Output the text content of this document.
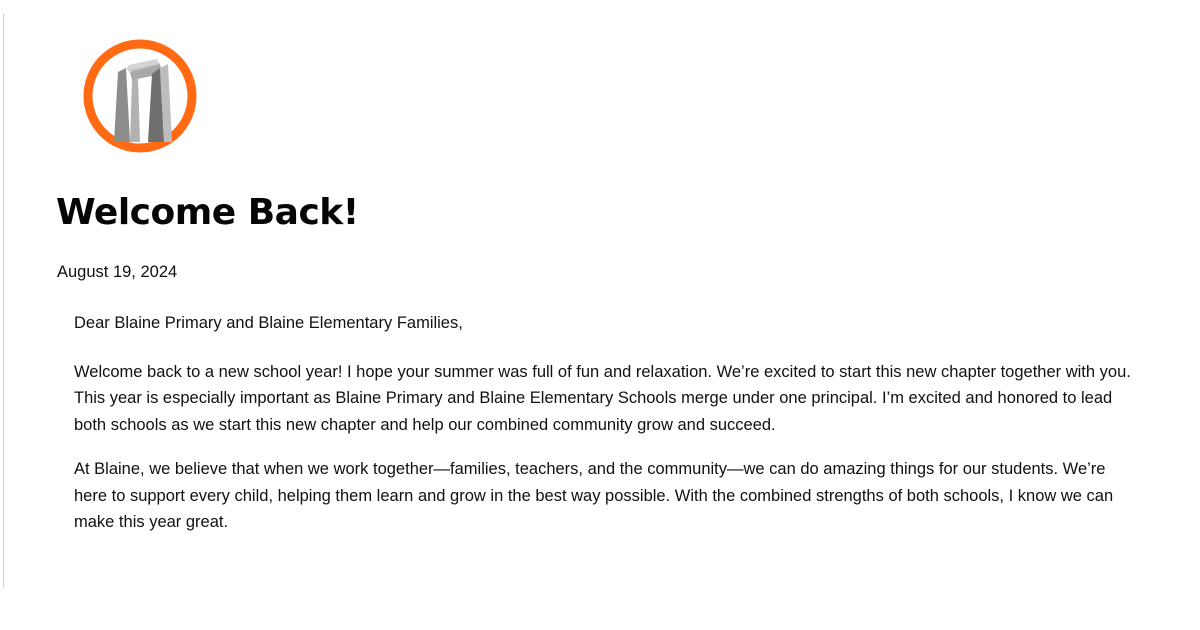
Welcome Back!
August 19, 2024

Dear Blaine Primary and Blaine Elementary Families,

Welcome back to a new school year! I hope your summer was full of fun and relaxation. We’re excited to start this new chapter together with you. This year is especially important as Blaine Primary and Blaine Elementary Schools merge under one principal. I’m excited and honored to lead both schools as we start this new chapter and help our combined community grow and succeed.

At Blaine, we believe that when we work together—families, teachers, and the community—we can do amazing things for our students. We’re here to support every child, helping them learn and grow in the best way possible. With the combined strengths of both schools, I know we can make this year great.
